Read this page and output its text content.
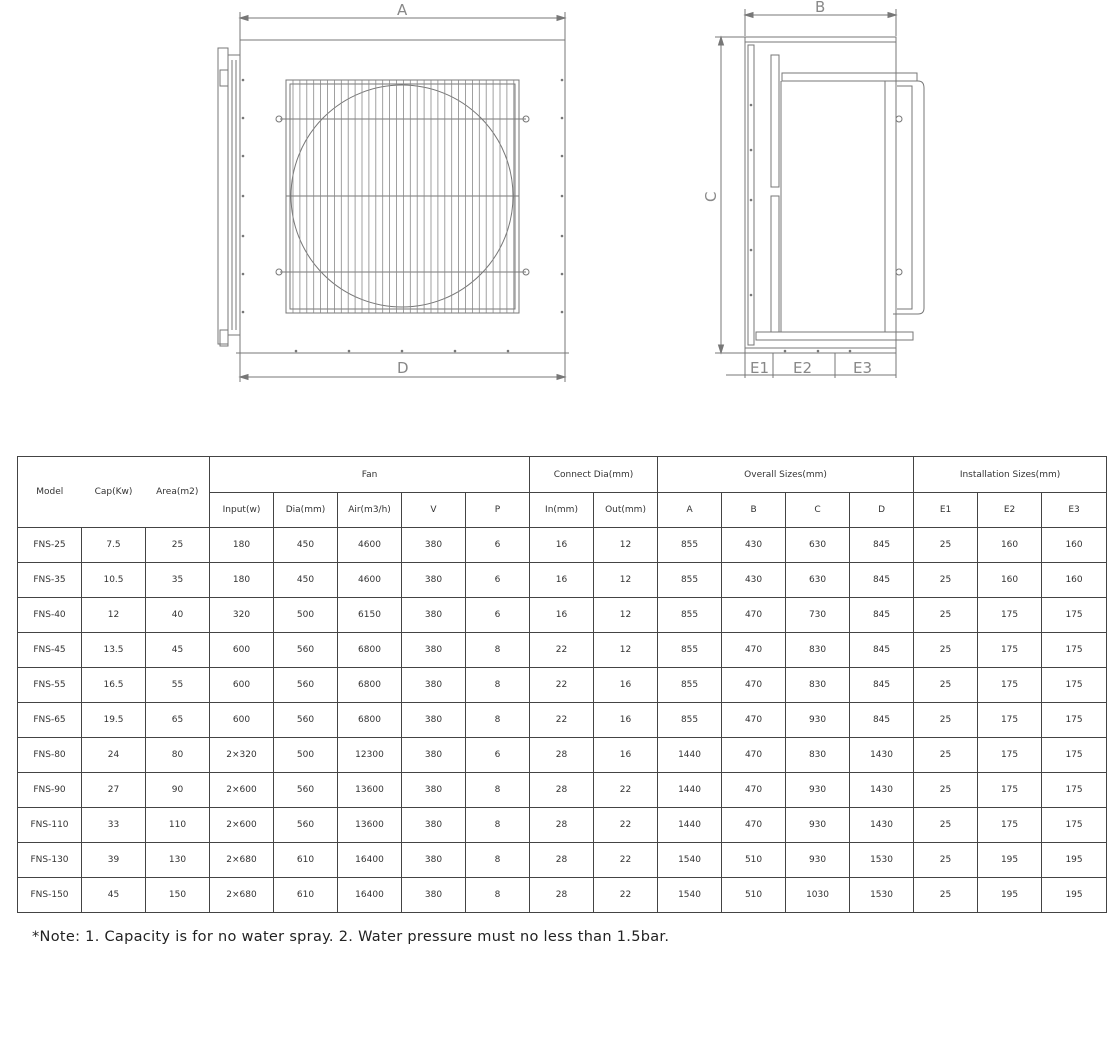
A
D
B
C
E1 E2	E3
Model	Cap(Kw)	Area(m2)	Fan					Connect Dia(mm)		Overall Sizes(mm)				Installation Sizes(mm)		
			Input(w)	Dia(mm)	Air(m3/h)	V	P	In(mm)	Out(mm)	A	B	C	D	E1	E2	E3
FNS-25	7.5	25	180	450	4600	380	6	16	12	855	430	630	845	25	160	160
FNS-35	10.5	35	180	450	4600	380	6	16	12	855	430	630	845	25	160	160
FNS-40	12	40	320	500	6150	380	6	16	12	855	470	730	845	25	175	175
FNS-45	13.5	45	600	560	6800	380	8	22	12	855	470	830	845	25	175	175
FNS-55	16.5	55	600	560	6800	380	8	22	16	855	470	830	845	25	175	175
FNS-65	19.5	65	600	560	6800	380	8	22	16	855	470	930	845	25	175	175
FNS-80	24	80	2×320	500	12300	380	6	28	16	1440	470	830	1430	25	175	175
FNS-90	27	90	2×600	560	13600	380	8	28	22	1440	470	930	1430	25	175	175
FNS-110	33	110	2×600	560	13600	380	8	28	22	1440	470	930	1430	25	175	175
FNS-130	39	130	2×680	610	16400	380	8	28	22	1540	510	930	1530	25	195	195
FNS-150	45	150	2×680	610	16400	380	8	28	22	1540	510	1030	1530	25	195	195
*Note: 1. Capacity is for no water spray. 2. Water pressure must no less than 1.5bar.
